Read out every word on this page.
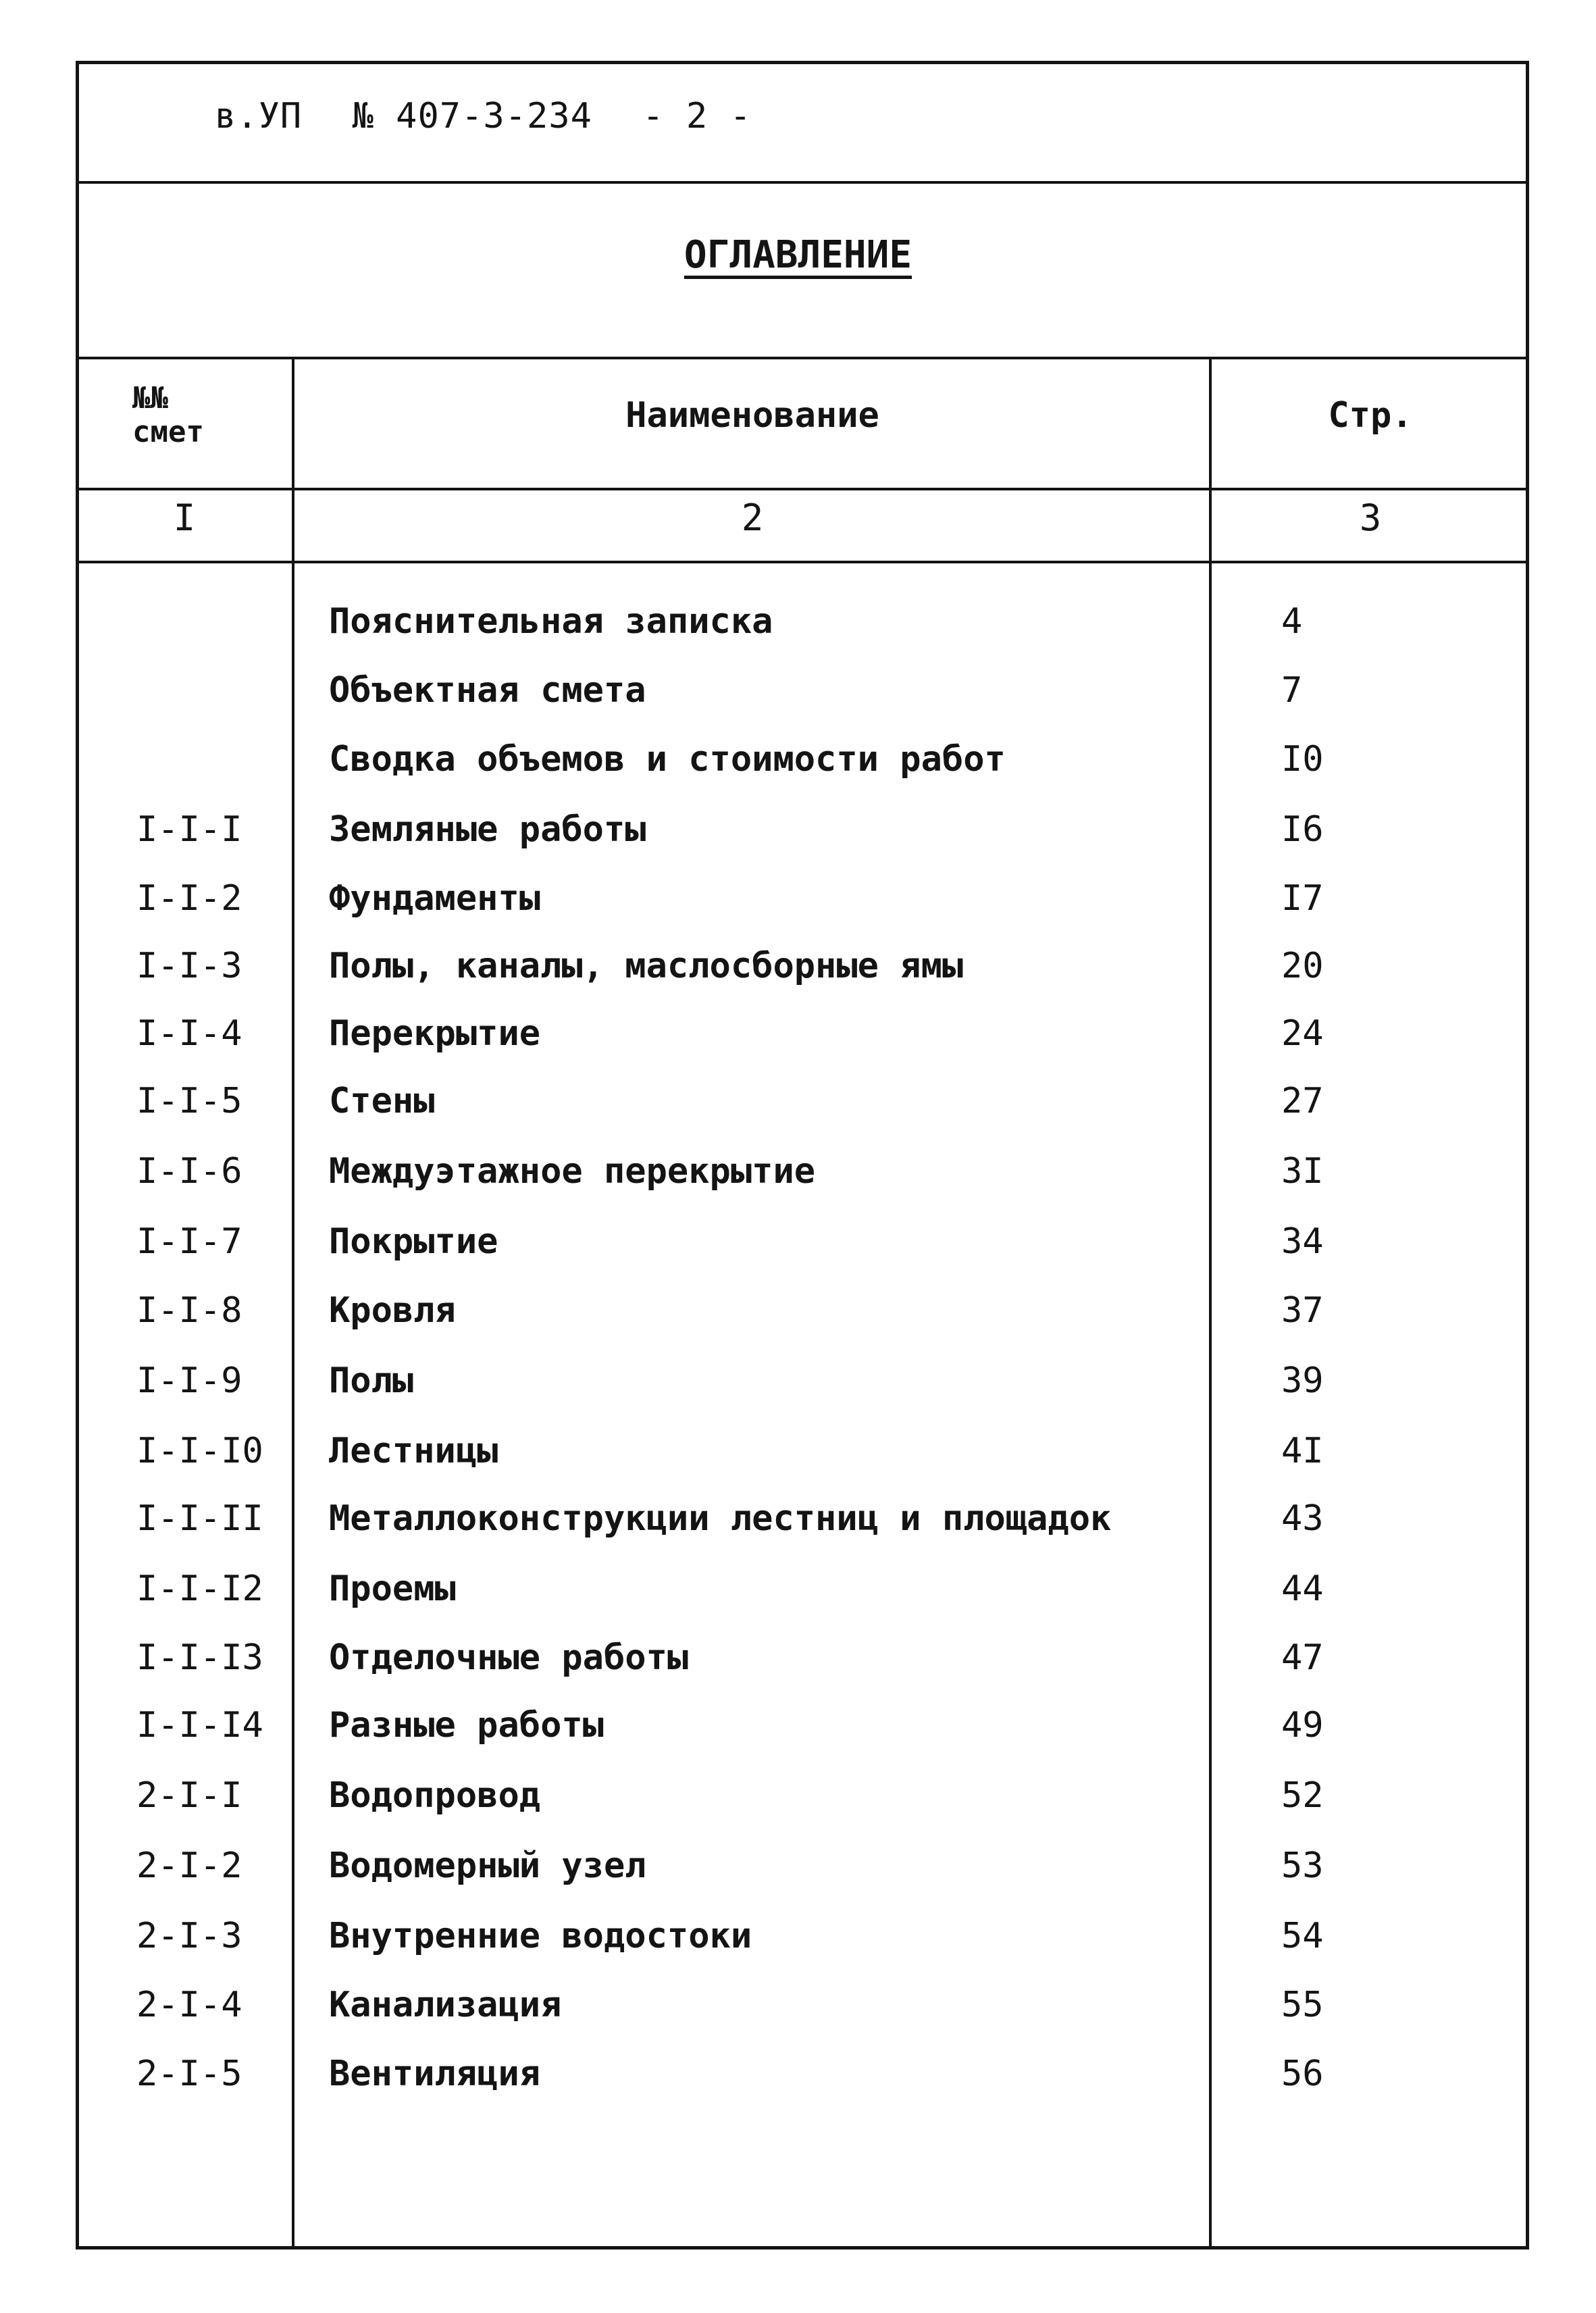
в.УП № 407-3-234 - 2 -
ОГЛАВЛЕНИЕ
№№
смет	Наименование	Стр.
I	2	3
Пояснительная записка	4
Объектная смета	7
Сводка объемов и стоимости работ	I0
I-I-I Земляные работы	I6
I-I-2 Фундаменты	I7
I-I-3 Полы, каналы, маслосборные ямы	20
I-I-4 Перекрытие	24
I-I-5 Стены	27
I-I-6 Междуэтажное перекрытие	3I
I-I-7 Покрытие	34
I-I-8 Кровля	37
I-I-9 Полы	39
I-I-I0 Лестницы	4I
I-I-II Металлоконструкции лестниц и площадок	43
I-I-I2 Проемы	44
I-I-I3 Отделочные работы	47
I-I-I4 Разные работы	49
2-I-I Водопровод	52
2-I-2 Водомерный узел	53
2-I-3 Внутренние водостоки	54
2-I-4 Канализация	55
2-I-5 Вентиляция	56
